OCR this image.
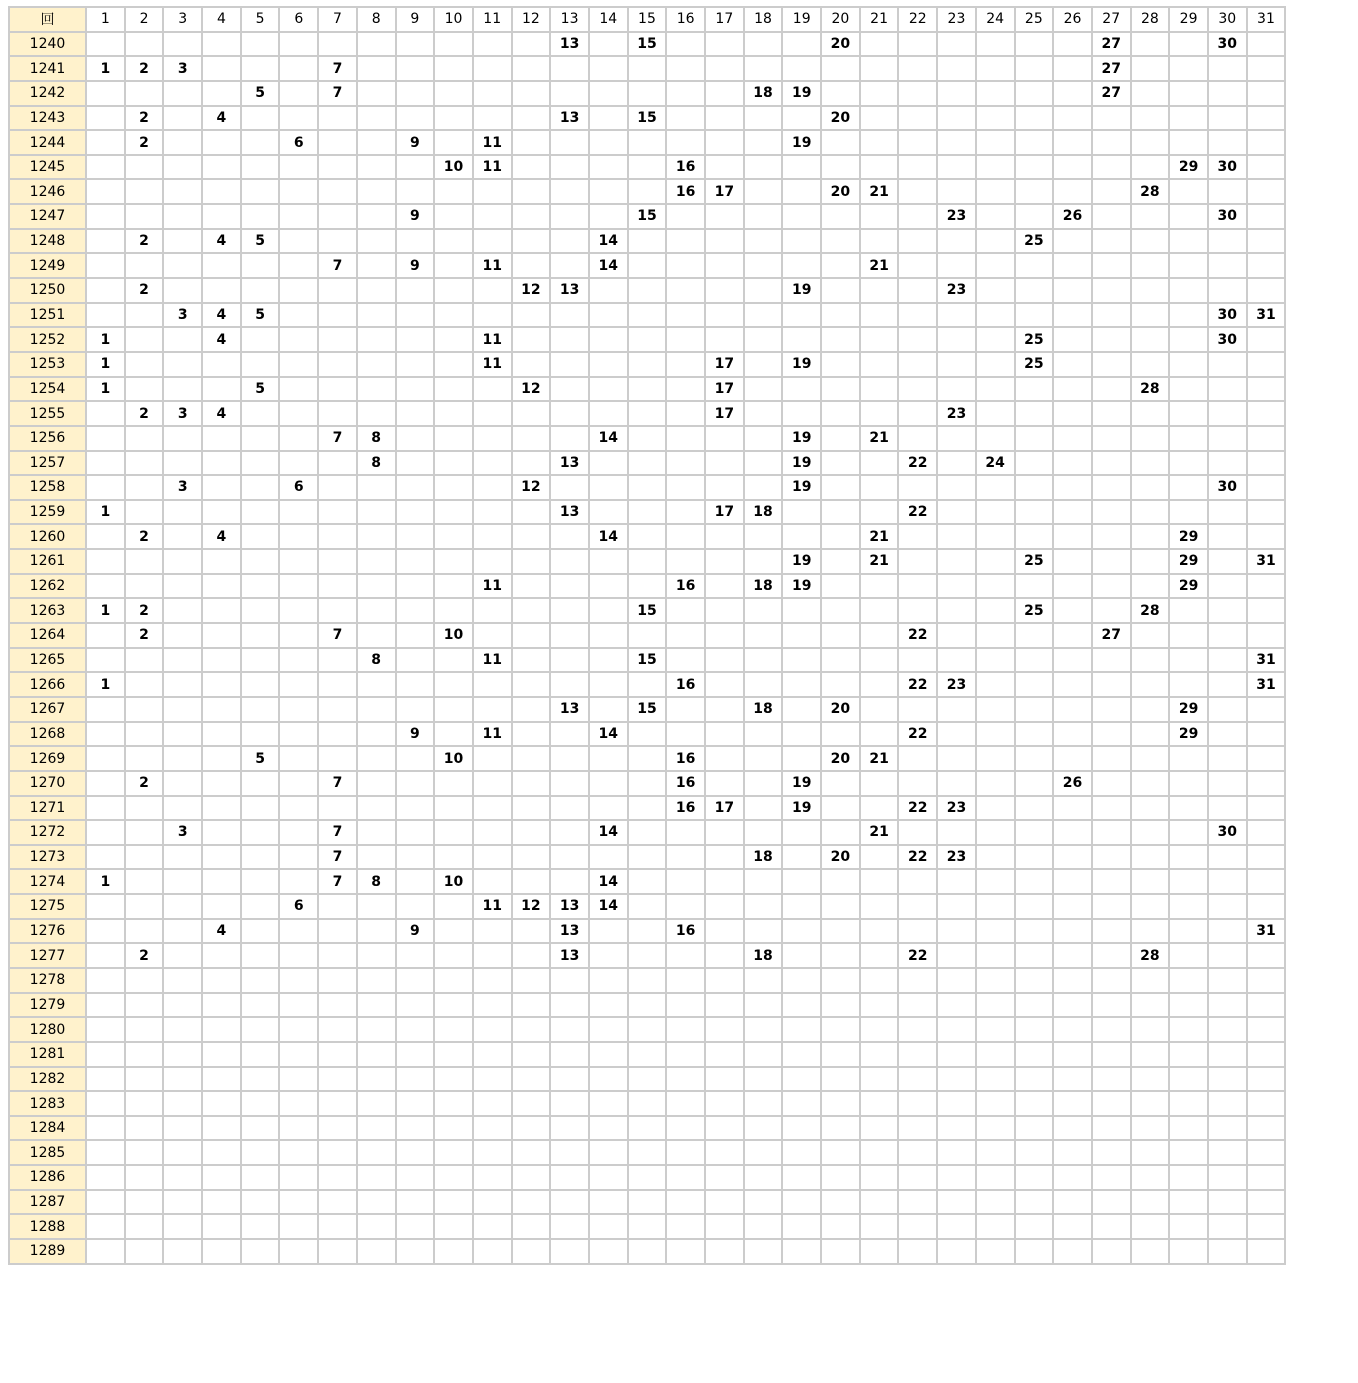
回	1	2	3	4	5	6	7	8	9	10	11	12	13	14	15	16	17	18	19	20	21	22	23	24	25	26	27	28	29	30	31
1240													13		15					20							27			30	
1241	1	2	3				7																				27				
1242					5		7											18	19								27				
1243		2		4									13		15					20											
1244		2				6			9		11								19												
1245										10	11					16													29	30	
1246																16	17			20	21							28			
1247									9						15								23			26				30	
1248		2		4	5									14											25						
1249							7		9		11			14							21										
1250		2										12	13						19				23								
1251			3	4	5																									30	31
1252	1			4							11														25					30	
1253	1										11						17		19						25						
1254	1				5							12					17											28			
1255		2	3	4													17						23								
1256							7	8						14					19		21										
1257								8					13						19			22		24							
1258			3			6						12							19											30	
1259	1												13				17	18				22									
1260		2		4										14							21								29		
1261																			19		21				25				29		31
1262											11					16		18	19										29		
1263	1	2													15										25			28			
1264		2					7			10												22					27				
1265								8			11				15																31
1266	1															16						22	23								31
1267													13		15			18		20									29		
1268									9		11			14								22							29		
1269					5					10						16				20	21										
1270		2					7									16			19							26					
1271																16	17		19			22	23								
1272			3				7							14							21									30	
1273							7											18		20		22	23								
1274	1						7	8		10				14																	
1275						6					11	12	13	14																	
1276				4					9				13			16															31
1277		2											13					18				22						28			
1278																															
1279																															
1280																															
1281																															
1282																															
1283																															
1284																															
1285																															
1286																															
1287																															
1288																															
1289																															
